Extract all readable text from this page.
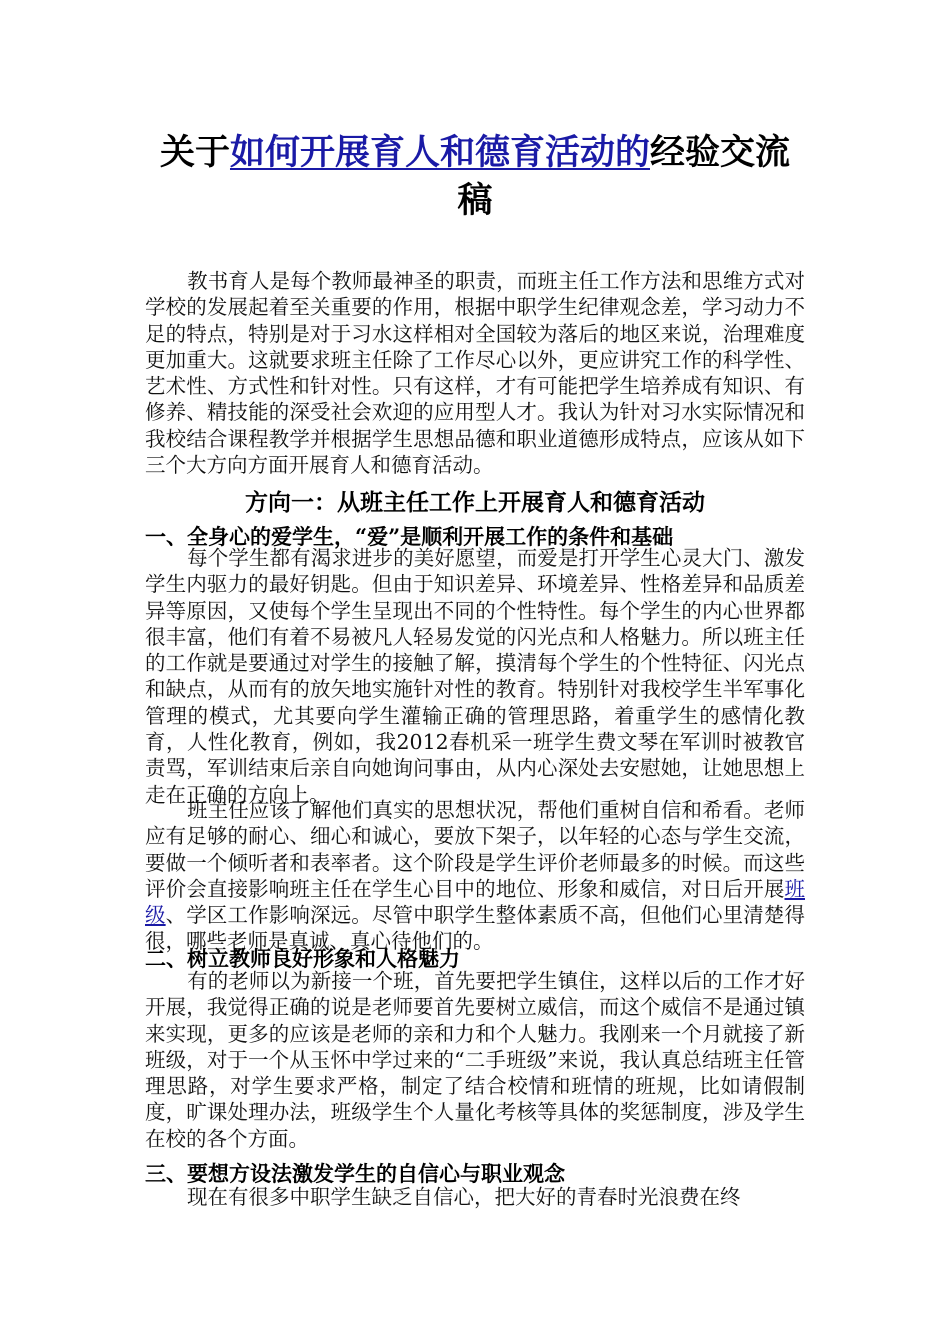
关于如何开展育人和德育活动的经验交流
稿
教书育人是每个教师最神圣的职责，而班主任工作方法和思维方式对学校的发展起着至关重要的作用，根据中职学生纪律观念差，学习动力不足的特点，特别是对于习水这样相对全国较为落后的地区来说，治理难度更加重大。这就要求班主任除了工作尽心以外，更应讲究工作的科学性、艺术性、方式性和针对性。只有这样，才有可能把学生培养成有知识、有修养、精技能的深受社会欢迎的应用型人才。我认为针对习水实际情况和我校结合课程教学并根据学生思想品德和职业道德形成特点，应该从如下三个大方向方面开展育人和德育活动。
方向一：从班主任工作上开展育人和德育活动
一、全身心的爱学生，“爱”是顺利开展工作的条件和基础
每个学生都有渴求进步的美好愿望，而爱是打开学生心灵大门、激发学生内驱力的最好钥匙。但由于知识差异、环境差异、性格差异和品质差异等原因，又使每个学生呈现出不同的个性特性。每个学生的内心世界都很丰富，他们有着不易被凡人轻易发觉的闪光点和人格魅力。所以班主任的工作就是要通过对学生的接触了解，摸清每个学生的个性特征、闪光点和缺点，从而有的放矢地实施针对性的教育。特别针对我校学生半军事化管理的模式，尤其要向学生灌输正确的管理思路，着重学生的感情化教育，人性化教育，例如，我2012春机采一班学生费文琴在军训时被教官责骂，军训结束后亲自向她询问事由，从内心深处去安慰她，让她思想上走在正确的方向上。
班主任应该了解他们真实的思想状况，帮他们重树自信和希看。老师应有足够的耐心、细心和诚心，要放下架子，以年轻的心态与学生交流，要做一个倾听者和表率者。这个阶段是学生评价老师最多的时候。而这些评价会直接影响班主任在学生心目中的地位、形象和威信，对日后开展班级、学区工作影响深远。尽管中职学生整体素质不高，但他们心里清楚得很，哪些老师是真诚、真心待他们的。
二、树立教师良好形象和人格魅力
有的老师以为新接一个班，首先要把学生镇住，这样以后的工作才好开展，我觉得正确的说是老师要首先要树立威信，而这个威信不是通过镇来实现，更多的应该是老师的亲和力和个人魅力。我刚来一个月就接了新班级，对于一个从玉怀中学过来的“二手班级”来说，我认真总结班主任管理思路，对学生要求严格，制定了结合校情和班情的班规，比如请假制度，旷课处理办法，班级学生个人量化考核等具体的奖惩制度，涉及学生在校的各个方面。
三、要想方设法激发学生的自信心与职业观念
现在有很多中职学生缺乏自信心，把大好的青春时光浪费在终
